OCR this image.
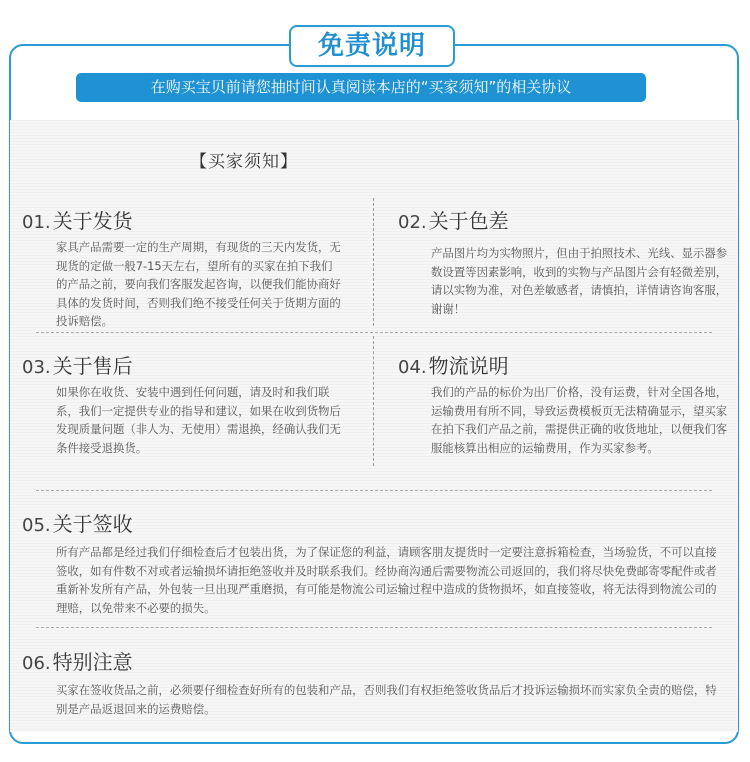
免责说明
在购买宝贝前请您抽时间认真阅读本店的“买家须知”的相关协议
【买家须知】
01. 关于发货
家具产品需要一定的生产周期，有现货的三天内发货，无现货的定做一般7-15天左右，望所有的买家在拍下我们的产品之前，要向我们客服发起咨询，以便我们能协商好具体的发货时间，否则我们绝不接受任何关于货期方面的投诉赔偿。
02. 关于色差
产品图片均为实物照片，但由于拍照技术、光线、显示器参数设置等因素影响，收到的实物与产品图片会有轻微差别，请以实物为准，对色差敏感者，请慎拍，详情请咨询客服，谢谢！
03. 关于售后
如果你在收货、安装中遇到任何问题，请及时和我们联系，我们一定提供专业的指导和建议，如果在收到货物后发现质量问题（非人为、无使用）需退换，经确认我们无条件接受退换货。
04. 物流说明
我们的产品的标价为出厂价格，没有运费，针对全国各地，运输费用有所不同，导致运费模板页无法精确显示，望买家在拍下我们产品之前，需提供正确的收货地址，以便我们客服能核算出相应的运输费用，作为买家参考。
05. 关于签收
所有产品都是经过我们仔细检查后才包装出货，为了保证您的利益，请顾客朋友提货时一定要注意拆箱检查，当场验货，不可以直接签收，如有件数不对或者运输损坏请拒绝签收并及时联系我们。经协商沟通后需要物流公司返回的，我们将尽快免费邮寄零配件或者重新补发所有产品，外包装一旦出现严重磨损，有可能是物流公司运输过程中造成的货物损坏，如直接签收，将无法得到物流公司的理赔，以免带来不必要的损失。
06. 特别注意
买家在签收货品之前，必须要仔细检查好所有的包装和产品，否则我们有权拒绝签收货品后才投诉运输损坏而实家负全责的赔偿，特别是产品返退回来的运费赔偿。
